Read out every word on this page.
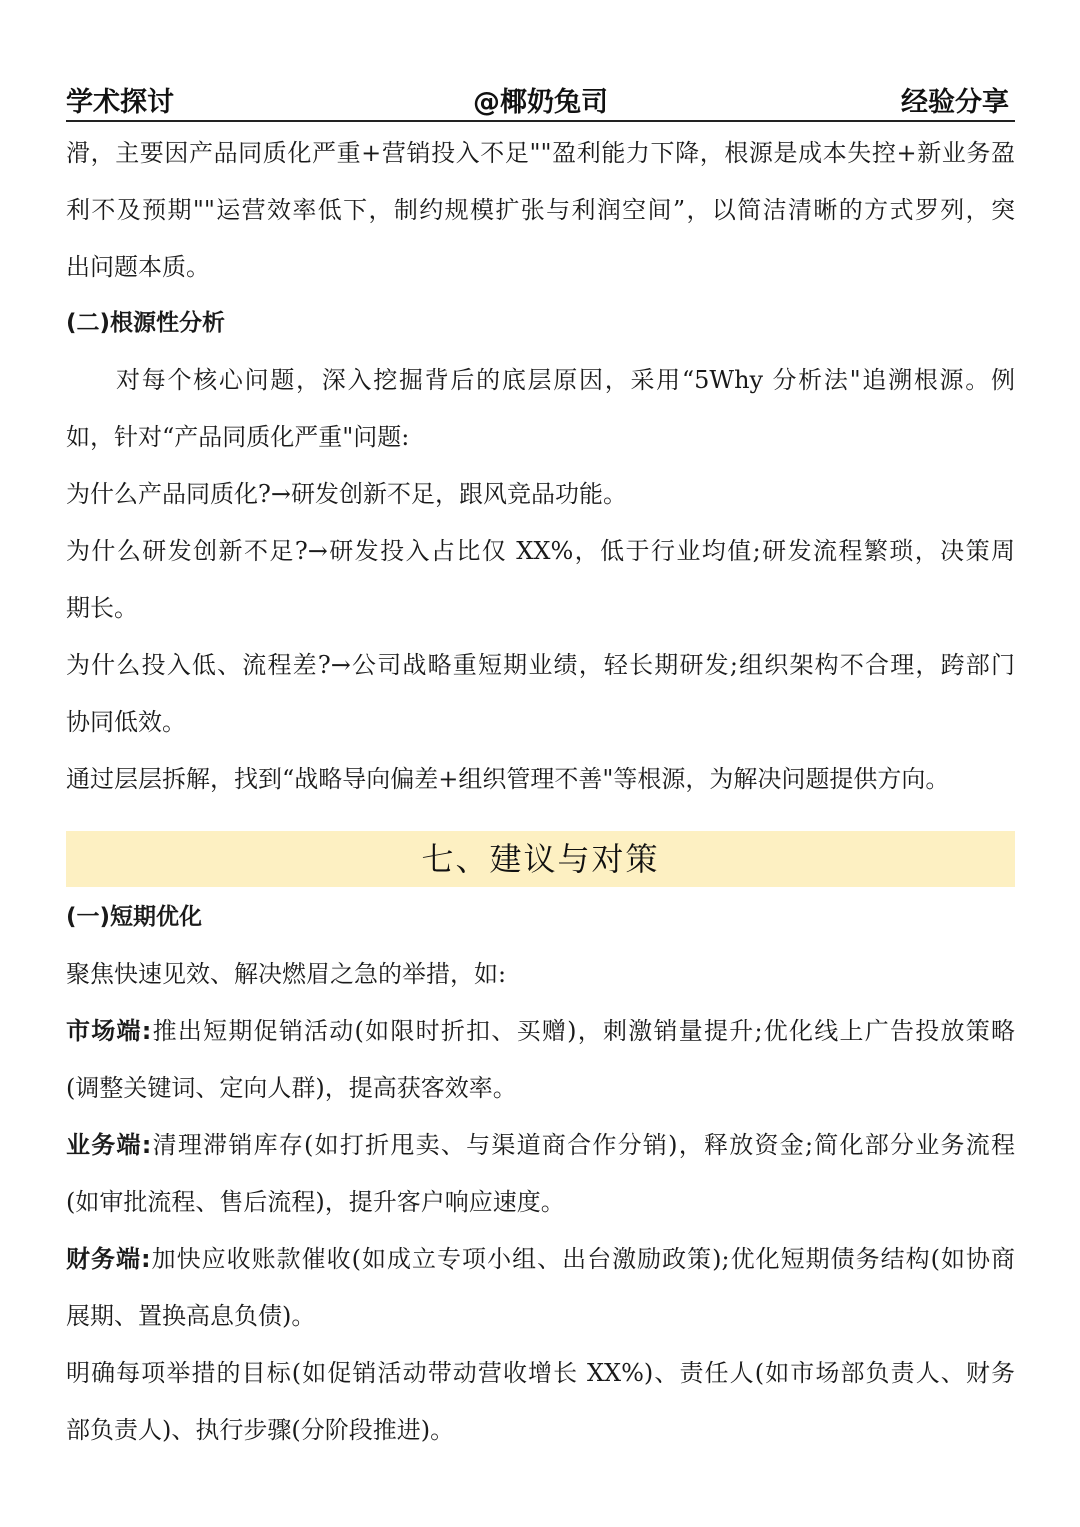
学术探讨	@椰奶兔司	经验分享
滑，主要因产品同质化严重+营销投入不足""盈利能力下降，根源是成本失控+新业务盈
利不及预期""运营效率低下，制约规模扩张与利润空间”，以简洁清晰的方式罗列，突
出问题本质。
(二)根源性分析
对每个核心问题，深入挖掘背后的底层原因，采用“5Why 分析法"追溯根源。例
如，针对“产品同质化严重"问题:
为什么产品同质化?→研发创新不足，跟风竞品功能。
为什么研发创新不足?→研发投入占比仅 XX%，低于行业均值;研发流程繁琐，决策周
期长。
为什么投入低、流程差?→公司战略重短期业绩，轻长期研发;组织架构不合理，跨部门
协同低效。
通过层层拆解，找到“战略导向偏差+组织管理不善"等根源，为解决问题提供方向。
七、建议与对策
(一)短期优化
聚焦快速见效、解决燃眉之急的举措，如:
市场端:推出短期促销活动(如限时折扣、买赠)，刺激销量提升;优化线上广告投放策略
(调整关键词、定向人群)，提高获客效率。
业务端:清理滞销库存(如打折甩卖、与渠道商合作分销)，释放资金;简化部分业务流程
(如审批流程、售后流程)，提升客户响应速度。
财务端:加快应收账款催收(如成立专项小组、出台激励政策);优化短期债务结构(如协商
展期、置换高息负债)。
明确每项举措的目标(如促销活动带动营收增长 XX%)、责任人(如市场部负责人、财务
部负责人)、执行步骤(分阶段推进)。
